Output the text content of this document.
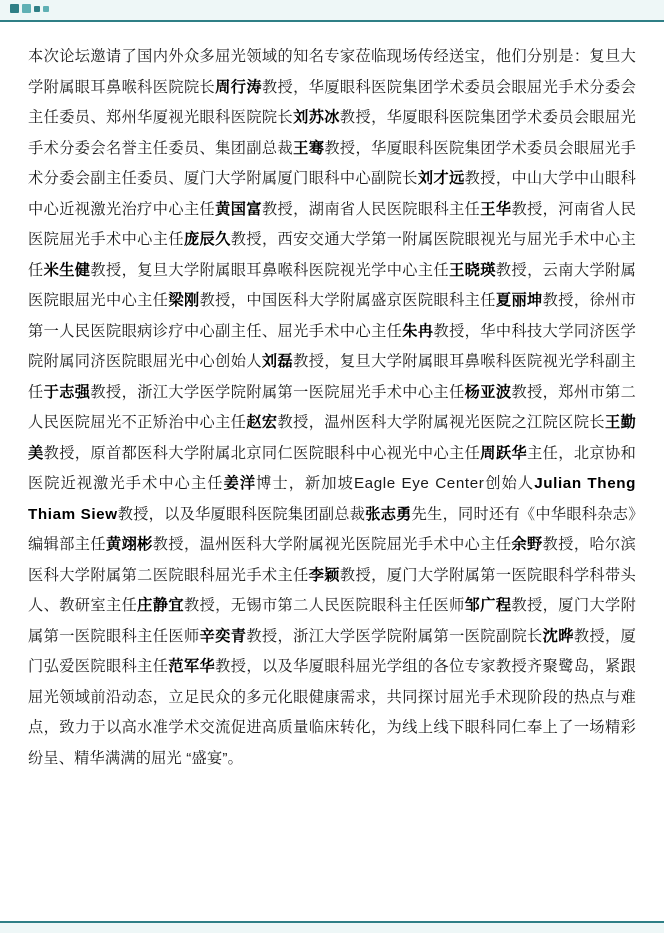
本次论坛邀请了国内外众多屈光领域的知名专家莅临现场传经送宝，他们分别是：复旦大学附属眼耳鼻喉科医院院长周行涛教授，华厦眼科医院集团学术委员会眼屈光手术分委会主任委员、郑州华厦视光眼科医院院长刘苏冰教授，华厦眼科医院集团学术委员会眼屈光手术分委会名誉主任委员、集团副总裁王骞教授，华厦眼科医院集团学术委员会眼屈光手术分委会副主任委员、厦门大学附属厦门眼科中心副院长刘才远教授，中山大学中山眼科中心近视激光治疗中心主任黄国富教授，湖南省人民医院眼科主任王华教授，河南省人民医院屈光手术中心主任庞辰久教授，西安交通大学第一附属医院眼视光与屈光手术中心主任米生健教授，复旦大学附属眼耳鼻喉科医院视光学中心主任王晓瑛教授，云南大学附属医院眼屈光中心主任梁刚教授，中国医科大学附属盛京医院眼科主任夏丽坤教授，徐州市第一人民医院眼病诊疗中心副主任、屈光手术中心主任朱冉教授，华中科技大学同济医学院附属同济医院眼屈光中心创始人刘磊教授，复旦大学附属眼耳鼻喉科医院视光学科副主任于志强教授，浙江大学医学院附属第一医院屈光手术中心主任杨亚波教授，郑州市第二人民医院屈光不正矫治中心主任赵宏教授，温州医科大学附属视光医院之江院区院长王勤美教授，原首都医科大学附属北京同仁医院眼科中心视光中心主任周跃华主任，北京协和医院近视激光手术中心主任姜洋博士，新加坡Eagle Eye Center创始人Julian Theng Thiam Siew教授，以及华厦眼科医院集团副总裁张志勇先生，同时还有《中华眼科杂志》编辑部主任黄翊彬教授，温州医科大学附属视光医院屈光手术中心主任余野教授，哈尔滨医科大学附属第二医院眼科屈光手术主任李颖教授，厦门大学附属第一医院眼科学科带头人、教研室主任庄静宜教授，无锡市第二人民医院眼科主任医师邹广程教授，厦门大学附属第一医院眼科主任医师辛奕青教授，浙江大学医学院附属第一医院副院长沈晔教授，厦门弘爱医院眼科主任范军华教授，以及华厦眼科屈光学组的各位专家教授齐聚鹭岛，紧跟屈光领域前沿动态，立足民众的多元化眼健康需求，共同探讨屈光手术现阶段的热点与难点，致力于以高水准学术交流促进高质量临床转化，为线上线下眼科同仁奉上了一场精彩纷呈、精华满满的屈光 “盛宴”。
